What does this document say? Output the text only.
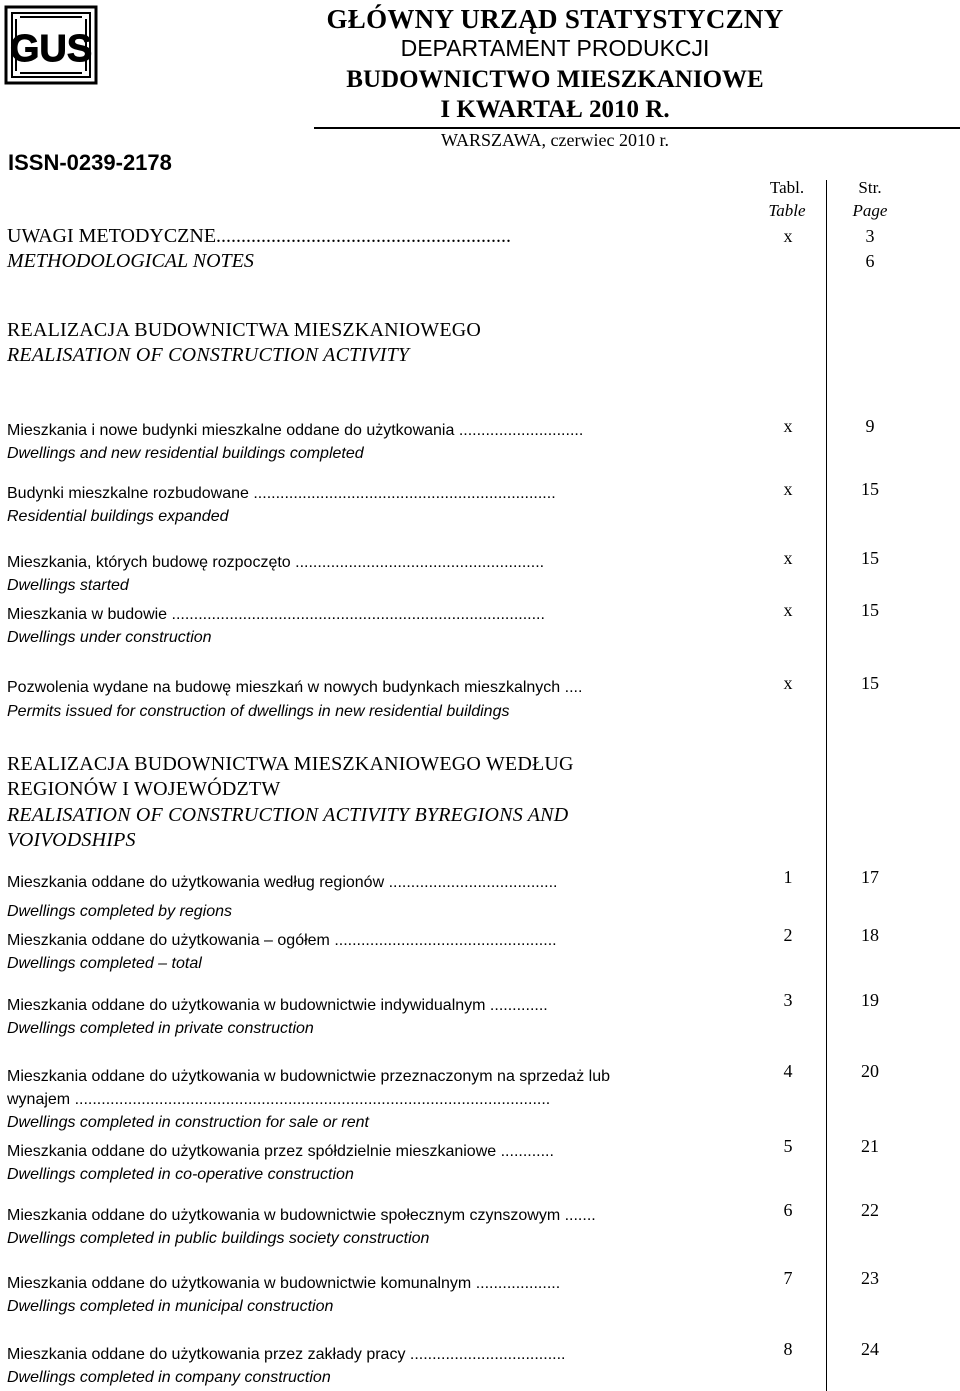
GUS
GŁÓWNY URZĄD STATYSTYCZNY
DEPARTAMENT PRODUKCJI
BUDOWNICTWO MIESZKANIOWE
I KWARTAŁ 2010 R.
WARSZAWA, czerwiec 2010 r.
ISSN-0239-2178
Tabl.
Table
Str.
Page
UWAGI METODYCZNE...........................................................
METHODOLOGICAL NOTES
x	3
6
REALIZACJA BUDOWNICTWA MIESZKANIOWEGO
REALISATION OF CONSTRUCTION ACTIVITY
Mieszkania i nowe budynki mieszkalne oddane do użytkowania ............................
Dwellings and new residential buildings completed
x	9
Budynki mieszkalne rozbudowane ....................................................................
Residential buildings expanded
x	15
Mieszkania, których budowę rozpoczęto ........................................................
Dwellings started
x	15
Mieszkania w budowie ....................................................................................
Dwellings under construction
x	15
Pozwolenia wydane na budowę mieszkań w nowych budynkach mieszkalnych ....
Permits issued for construction of dwellings in new residential buildings
x	15
REALIZACJA BUDOWNICTWA MIESZKANIOWEGO WEDŁUG
REGIONÓW I WOJEWÓDZTW
REALISATION OF CONSTRUCTION ACTIVITY BYREGIONS AND
VOIVODSHIPS
Mieszkania oddane do użytkowania według regionów ......................................
Dwellings completed by regions
1	17
Mieszkania oddane do użytkowania – ogółem ..................................................
Dwellings completed – total
2	18
Mieszkania oddane do użytkowania w budownictwie indywidualnym .............
Dwellings completed in private construction
3	19
Mieszkania oddane do użytkowania w budownictwie przeznaczonym na sprzedaż lub
wynajem ...........................................................................................................
Dwellings completed in construction for sale or rent
4	20
Mieszkania oddane do użytkowania przez spółdzielnie mieszkaniowe ............
Dwellings completed in co-operative construction
5	21
Mieszkania oddane do użytkowania w budownictwie społecznym czynszowym .......
Dwellings completed in public buildings society construction
6	22
Mieszkania oddane do użytkowania w budownictwie komunalnym ...................
Dwellings completed in municipal construction
7	23
Mieszkania oddane do użytkowania przez zakłady pracy ...................................
Dwellings completed in company construction
8	24
